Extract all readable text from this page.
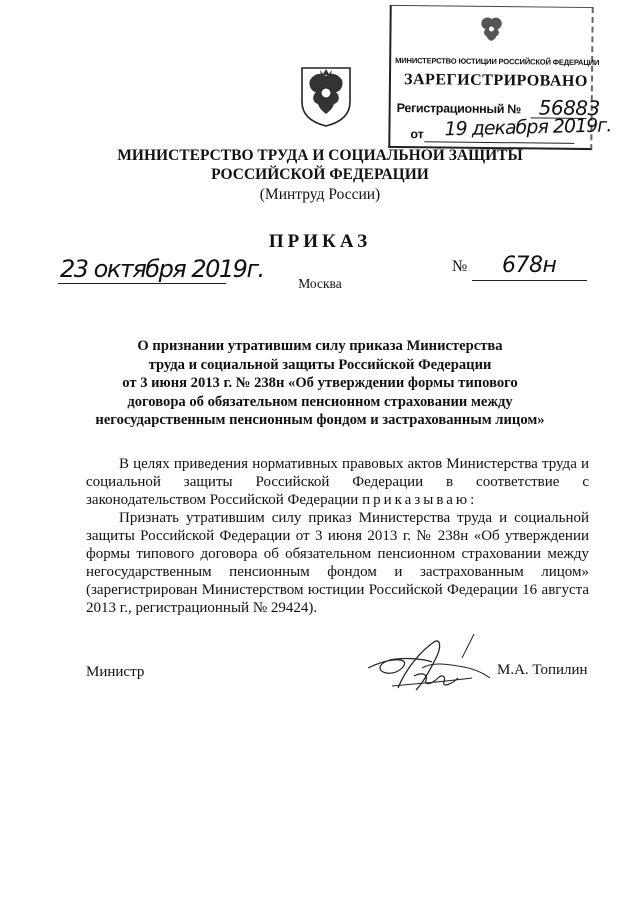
МИНИСТЕРСТВО ЮСТИЦИИ РОССИЙСКОЙ ФЕДЕРАЦИИ
ЗАРЕГИСТРИРОВАНО
Регистрационный № 56883
от 19 декабря 2019г.
МИНИСТЕРСТВО ТРУДА И СОЦИАЛЬНОЙ ЗАЩИТЫ
РОССИЙСКОЙ ФЕДЕРАЦИИ
(Минтруд России)
ПРИКАЗ
23 октября 2019г.	№ 678н
Москва
О признании утратившим силу приказа Министерства
труда и социальной защиты Российской Федерации
от 3 июня 2013 г. № 238н «Об утверждении формы типового
договора об обязательном пенсионном страховании между
негосударственным пенсионным фондом и застрахованным лицом»

В целях приведения нормативных правовых актов Министерства труда и социальной защиты Российской Федерации в соответствие с законодательством Российской Федерации приказываю:

Признать утратившим силу приказ Министерства труда и социальной защиты Российской Федерации от 3 июня 2013 г. № 238н «Об утверждении формы типового договора об обязательном пенсионном страховании между негосударственным пенсионным фондом и застрахованным лицом» (зарегистрирован Министерством юстиции Российской Федерации 16 августа 2013 г., регистрационный № 29424).

Министр	М.А. Топилин
